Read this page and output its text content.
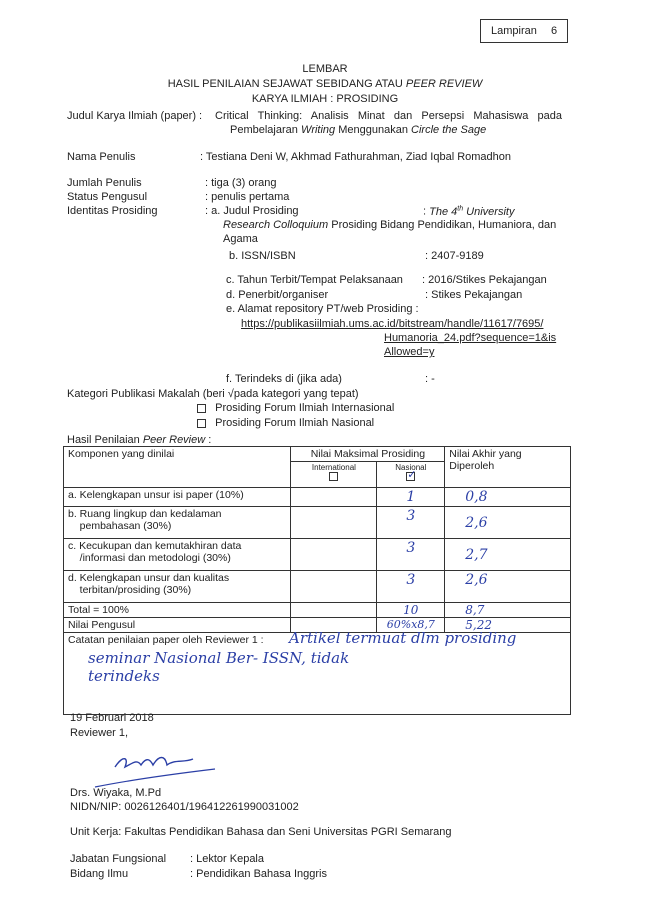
Lampiran 6
LEMBAR
HASIL PENILAIAN SEJAWAT SEBIDANG ATAU PEER REVIEW
KARYA ILMIAH : PROSIDING
Judul Karya Ilmiah (paper) : Critical Thinking: Analisis Minat dan Persepsi Mahasiswa pada
Pembelajaran Writing Menggunakan Circle the Sage
Nama Penulis	: Testiana Deni W, Akhmad Fathurahman, Ziad Iqbal Romadhon
Jumlah Penulis	: tiga (3) orang
Status Pengusul	: penulis pertama
Identitas Prosiding	: a. Judul Prosiding	: The 4th University
Research Colloquium Prosiding Bidang Pendidikan, Humaniora, dan
Agama
b. ISSN/ISBN	: 2407-9189
c. Tahun Terbit/Tempat Pelaksanaan : 2016/Stikes Pekajangan
d. Penerbit/organiser	: Stikes Pekajangan
e. Alamat repository PT/web Prosiding :
https://publikasiilmiah.ums.ac.id/bitstream/handle/11617/7695/
Humanoria_24.pdf?sequence=1&is
Allowed=y
f. Terindeks di (jika ada)	: -
Kategori Publikasi Makalah (beri √pada kategori yang tepat)
Prosiding Forum Ilmiah Internasional
Prosiding Forum Ilmiah Nasional
Hasil Penilaian Peer Review :
Komponen yang dinilai	Nilai Maksimal Prosiding		Nilai Akhir yang
Diperoleh
	International	Nasional

✓	

a. Kelengkapan unsur isi paper (10%)		1	0,8
b. Ruang lingkup dan kedalaman
pembahasan (30%)		3	2,6
c. Kecukupan dan kemutakhiran data
/informasi dan metodologi (30%)		3	2,7
d. Kelengkapan unsur dan kualitas
terbitan/prosiding (30%)		3	2,6
Total = 100%		10	8,7
Nilai Pengusul		60%x8,7	5,22

Catatan penilaian paper oleh Reviewer 1 : Artikel termuat dlm prosiding
seminar Nasional Ber- ISSN, tidak
terindeks			
19 Februari 2018
Reviewer 1,
Drs. Wiyaka, M.Pd
NIDN/NIP: 0026126401/196412261990031002
Unit Kerja: Fakultas Pendidikan Bahasa dan Seni Universitas PGRI Semarang
Jabatan Fungsional : Lektor Kepala
Bidang Ilmu	: Pendidikan Bahasa Inggris
